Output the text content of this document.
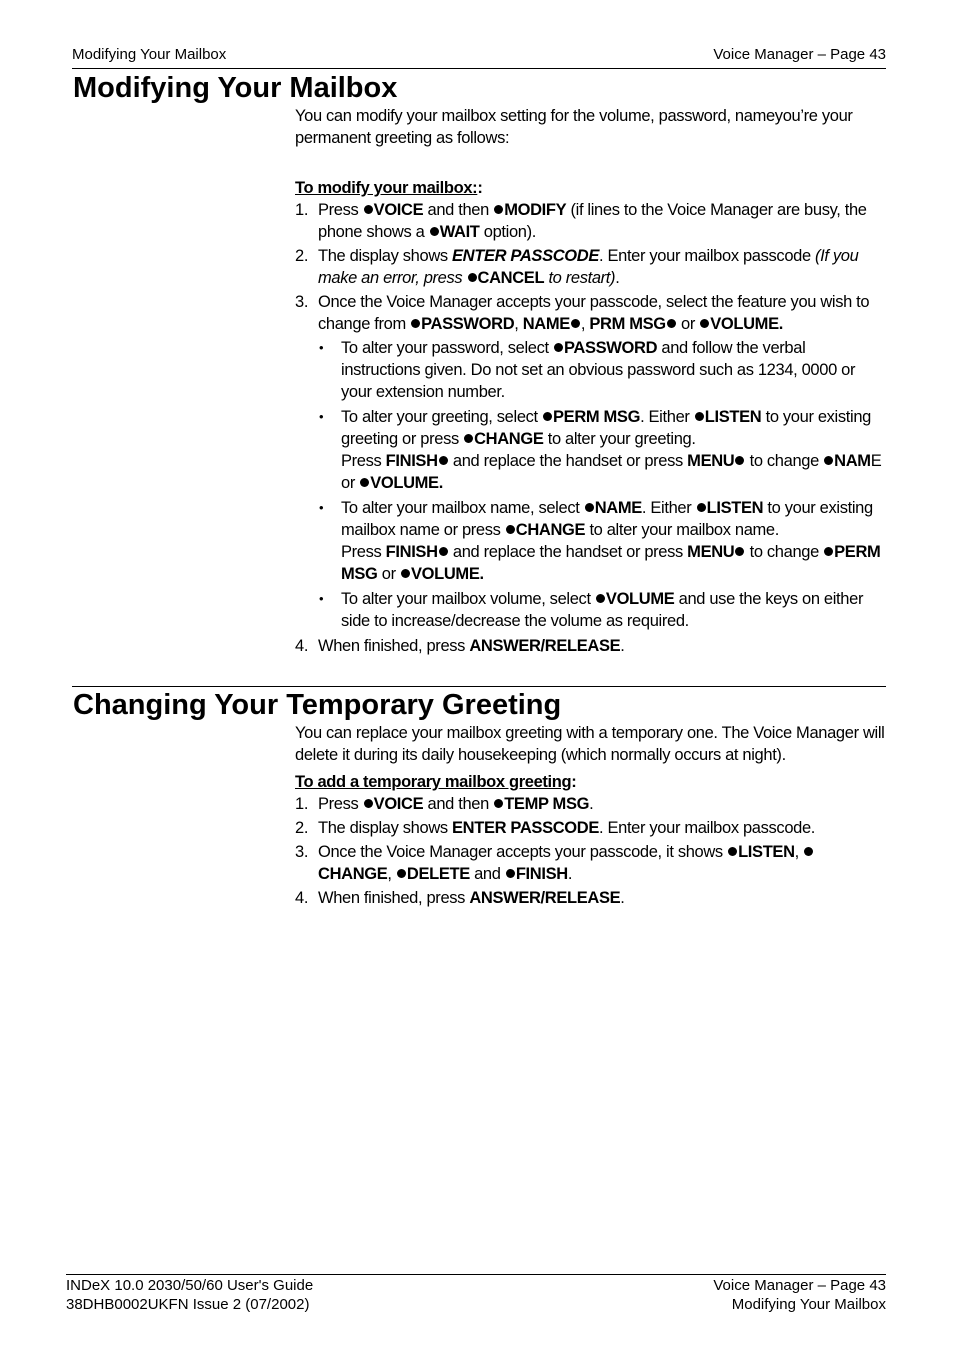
Modifying Your Mailbox	Voice Manager – Page 43
Modifying Your Mailbox

You can modify your mailbox setting for the volume, password, nameyou’re your permanent greeting as follows:

To modify your mailbox::

1. Press VOICE and then MODIFY (if lines to the Voice Manager are busy, the phone shows a WAIT option).
2. The display shows ENTER PASSCODE. Enter your mailbox passcode (If you make an error, press CANCEL to restart).
3. Once the Voice Manager accepts your passcode, select the feature you wish to change from PASSWORD, NAME , PRM MSG or VOLUME.
• To alter your password, select PASSWORD and follow the verbal instructions given. Do not set an obvious password such as 1234, 0000 or your extension number.
• To alter your greeting, select PERM MSG. Either LISTEN to your existing greeting or press CHANGE to alter your greeting.
Press FINISH and replace the handset or press MENU to change NAME or VOLUME.
• To alter your mailbox name, select NAME. Either LISTEN to your existing mailbox name or press CHANGE to alter your mailbox name.
Press FINISH and replace the handset or press MENU to change PERM MSG or VOLUME.
• To alter your mailbox volume, select VOLUME and use the keys on either side to increase/decrease the volume as required.
4. When finished, press ANSWER/RELEASE.
Changing Your Temporary Greeting

You can replace your mailbox greeting with a temporary one. The Voice Manager will delete it during its daily housekeeping (which normally occurs at night).

To add a temporary mailbox greeting:

1. Press VOICE and then TEMP MSG.
2. The display shows ENTER PASSCODE. Enter your mailbox passcode.
3. Once the Voice Manager accepts your passcode, it shows LISTEN, CHANGE, DELETE and FINISH.
4. When finished, press ANSWER/RELEASE.
INDeX 10.0 2030/50/60 User's Guide
38DHB0002UKFN Issue 2 (07/2002)
Voice Manager – Page 43
Modifying Your Mailbox
